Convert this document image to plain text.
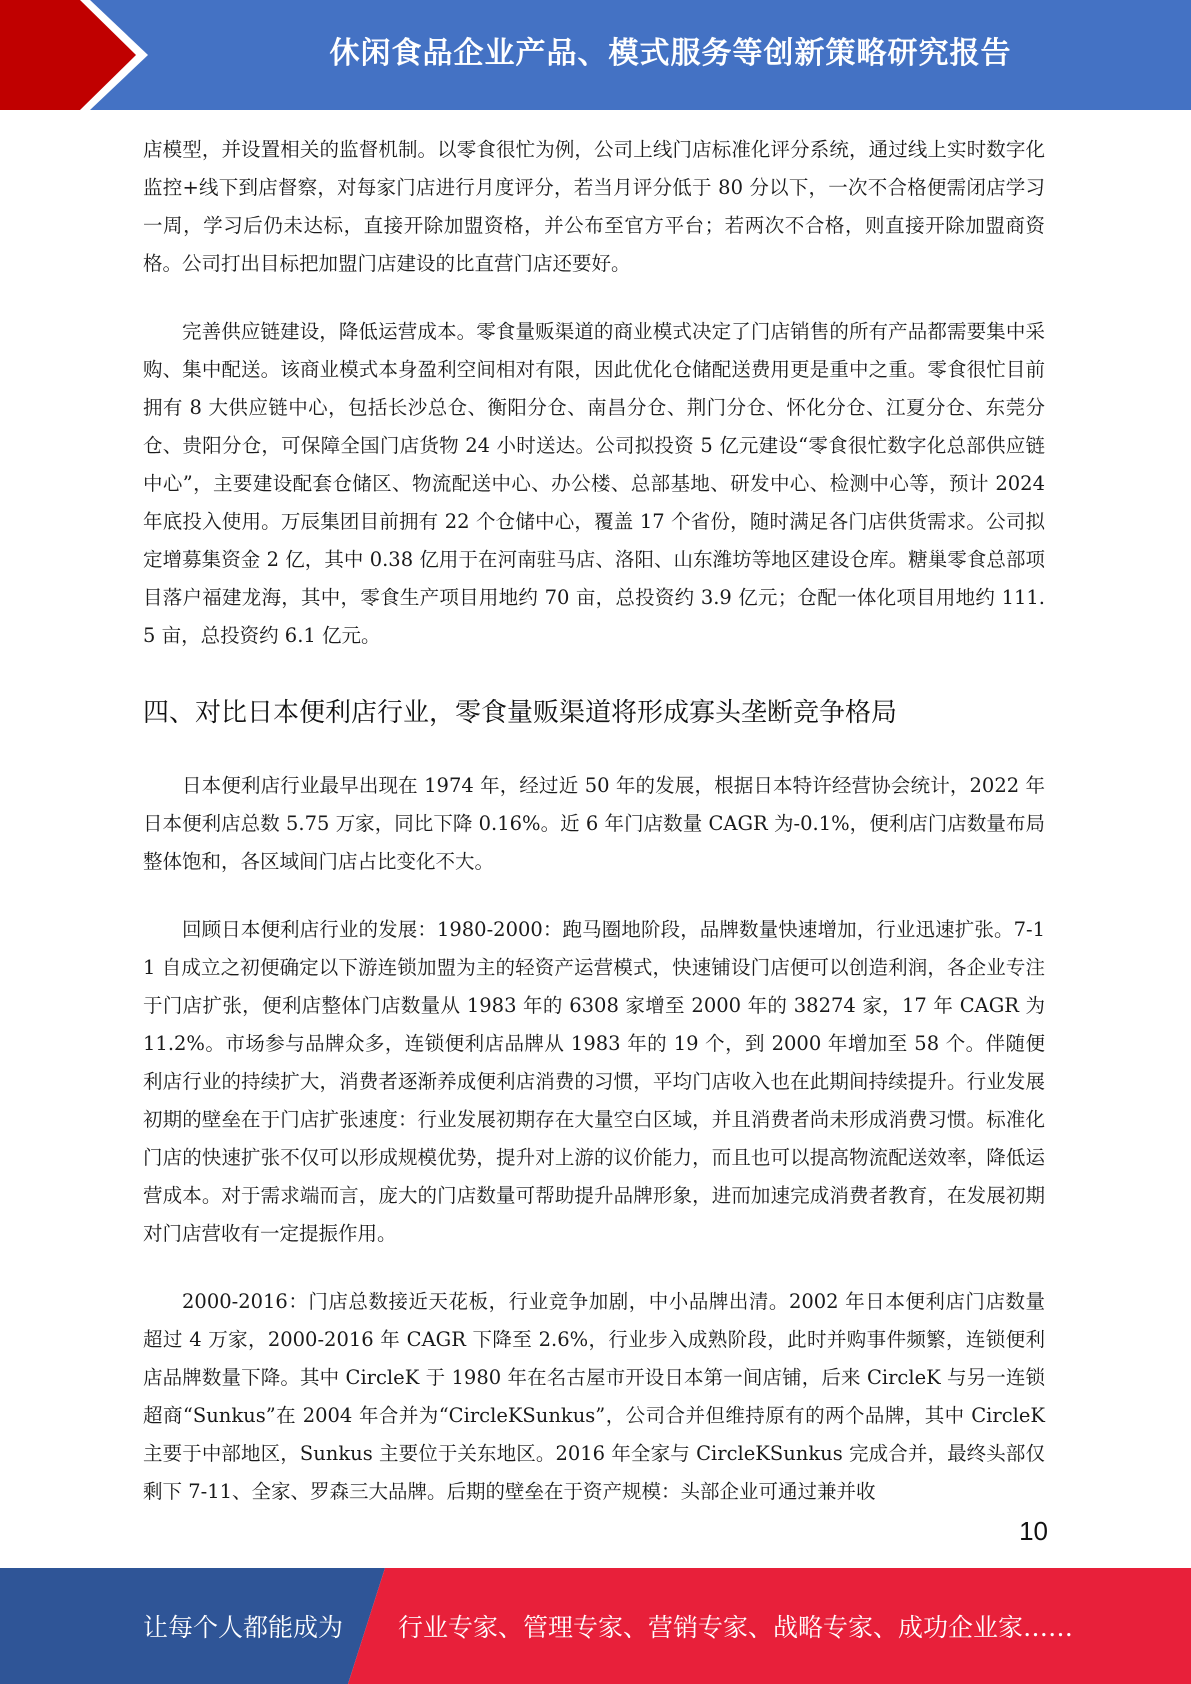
休闲食品企业产品、模式服务等创新策略研究报告

店模型，并设置相关的监督机制。以零食很忙为例，公司上线门店标准化评分系统，通过线上实时数字化监控+线下到店督察，对每家门店进行月度评分，若当月评分低于 80 分以下，一次不合格便需闭店学习一周，学习后仍未达标，直接开除加盟资格，并公布至官方平台；若两次不合格，则直接开除加盟商资格。公司打出目标把加盟门店建设的比直营门店还要好。

完善供应链建设，降低运营成本。零食量贩渠道的商业模式决定了门店销售的所有产品都需要集中采购、集中配送。该商业模式本身盈利空间相对有限，因此优化仓储配送费用更是重中之重。零食很忙目前拥有 8 大供应链中心，包括长沙总仓、衡阳分仓、南昌分仓、荆门分仓、怀化分仓、江夏分仓、东莞分仓、贵阳分仓，可保障全国门店货物 24 小时送达。公司拟投资 5 亿元建设“零食很忙数字化总部供应链中心”，主要建设配套仓储区、物流配送中心、办公楼、总部基地、研发中心、检测中心等，预计 2024 年底投入使用。万辰集团目前拥有 22 个仓储中心，覆盖 17 个省份，随时满足各门店供货需求。公司拟定增募集资金 2 亿，其中 0.38 亿用于在河南驻马店、洛阳、山东潍坊等地区建设仓库。糖巢零食总部项目落户福建龙海，其中，零食生产项目用地约 70 亩，总投资约 3.9 亿元；仓配一体化项目用地约 111.5 亩，总投资约 6.1 亿元。

四、对比日本便利店行业，零食量贩渠道将形成寡头垄断竞争格局

日本便利店行业最早出现在 1974 年，经过近 50 年的发展，根据日本特许经营协会统计，2022 年日本便利店总数 5.75 万家，同比下降 0.16%。近 6 年门店数量 CAGR 为-0.1%，便利店门店数量布局整体饱和，各区域间门店占比变化不大。

回顾日本便利店行业的发展：1980-2000：跑马圈地阶段，品牌数量快速增加，行业迅速扩张。7-11 自成立之初便确定以下游连锁加盟为主的轻资产运营模式，快速铺设门店便可以创造利润，各企业专注于门店扩张，便利店整体门店数量从 1983 年的 6308 家增至 2000 年的 38274 家，17 年 CAGR 为 11.2%。市场参与品牌众多，连锁便利店品牌从 1983 年的 19 个，到 2000 年增加至 58 个。伴随便利店行业的持续扩大，消费者逐渐养成便利店消费的习惯，平均门店收入也在此期间持续提升。行业发展初期的壁垒在于门店扩张速度：行业发展初期存在大量空白区域，并且消费者尚未形成消费习惯。标准化门店的快速扩张不仅可以形成规模优势，提升对上游的议价能力，而且也可以提高物流配送效率，降低运营成本。对于需求端而言，庞大的门店数量可帮助提升品牌形象，进而加速完成消费者教育，在发展初期对门店营收有一定提振作用。

2000-2016：门店总数接近天花板，行业竞争加剧，中小品牌出清。2002 年日本便利店门店数量超过 4 万家，2000-2016 年 CAGR 下降至 2.6%，行业步入成熟阶段，此时并购事件频繁，连锁便利店品牌数量下降。其中 CircleK 于 1980 年在名古屋市开设日本第一间店铺，后来 CircleK 与另一连锁超商“Sunkus”在 2004 年合并为“CircleKSunkus”，公司合并但维持原有的两个品牌，其中 CircleK 主要于中部地区，Sunkus 主要位于关东地区。2016 年全家与 CircleKSunkus 完成合并，最终头部仅剩下 7-11、全家、罗森三大品牌。后期的壁垒在于资产规模：头部企业可通过兼并收

10
让每个人都能成为 行业专家、管理专家、营销专家、战略专家、成功企业家……
